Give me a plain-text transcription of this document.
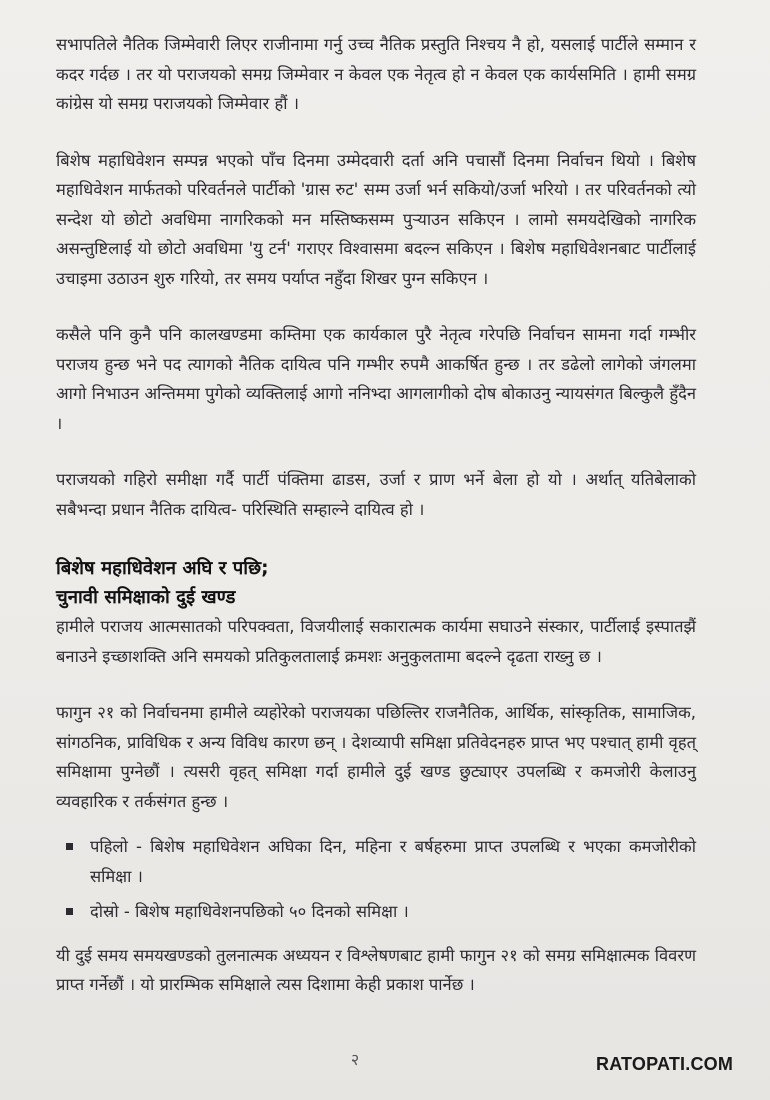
सभापतिले नैतिक जिम्मेवारी लिएर राजीनामा गर्नु उच्च नैतिक प्रस्तुति निश्चय नै हो, यसलाई पार्टीले सम्मान र कदर गर्दछ । तर यो पराजयको समग्र जिम्मेवार न केवल एक नेतृत्व हो न केवल एक कार्यसमिति । हामी समग्र कांग्रेस यो समग्र पराजयको जिम्मेवार हौं ।

बिशेष महाधिवेशन सम्पन्न भएको पाँच दिनमा उम्मेदवारी दर्ता अनि पचासौं दिनमा निर्वाचन थियो । बिशेष महाधिवेशन मार्फतको परिवर्तनले पार्टीको 'ग्रास रुट' सम्म उर्जा भर्न सकियो/उर्जा भरियो । तर परिवर्तनको त्यो सन्देश यो छोटो अवधिमा नागरिकको मन मस्तिष्कसम्म पुऱ्याउन सकिएन । लामो समयदेखिको नागरिक असन्तुष्टिलाई यो छोटो अवधिमा 'यु टर्न' गराएर विश्वासमा बदल्न सकिएन । बिशेष महाधिवेशनबाट पार्टीलाई उचाइमा उठाउन शुरु गरियो, तर समय पर्याप्त नहुँदा शिखर पुग्न सकिएन ।

कसैले पनि कुनै पनि कालखण्डमा कम्तिमा एक कार्यकाल पुरै नेतृत्व गरेपछि निर्वाचन सामना गर्दा गम्भीर पराजय हुन्छ भने पद त्यागको नैतिक दायित्व पनि गम्भीर रुपमै आकर्षित हुन्छ । तर डढेलो लागेको जंगलमा आगो निभाउन अन्तिममा पुगेको व्यक्तिलाई आगो ननिभ्दा आगलागीको दोष बोकाउनु न्यायसंगत बिल्कुलै हुँदैन ।

पराजयको गहिरो समीक्षा गर्दै पार्टी पंक्तिमा ढाडस, उर्जा र प्राण भर्ने बेला हो यो । अर्थात् यतिबेलाको सबैभन्दा प्रधान नैतिक दायित्व- परिस्थिति सम्हाल्ने दायित्व हो ।

बिशेष महाधिवेशन अघि र पछि;
चुनावी समिक्षाको दुई खण्ड

हामीले पराजय आत्मसातको परिपक्वता, विजयीलाई सकारात्मक कार्यमा सघाउने संस्कार, पार्टीलाई इस्पातझैं बनाउने इच्छाशक्ति अनि समयको प्रतिकुलतालाई क्रमशः अनुकुलतामा बदल्ने दृढता राख्नु छ ।

फागुन २१ को निर्वाचनमा हामीले व्यहोरेको पराजयका पछिल्तिर राजनैतिक, आर्थिक, सांस्कृतिक, सामाजिक, सांगठनिक, प्राविधिक र अन्य विविध कारण छन् । देशव्यापी समिक्षा प्रतिवेदनहरु प्राप्त भए पश्चात् हामी वृहत् समिक्षामा पुग्नेछौं । त्यसरी वृहत् समिक्षा गर्दा हामीले दुई खण्ड छुट्याएर उपलब्धि र कमजोरी केलाउनु व्यवहारिक र तर्कसंगत हुन्छ ।

पहिलो - बिशेष महाधिवेशन अघिका दिन, महिना र बर्षहरुमा प्राप्त उपलब्धि र भएका कमजोरीको समिक्षा ।
दोस्रो - बिशेष महाधिवेशनपछिको ५० दिनको समिक्षा ।

यी दुई समय समयखण्डको तुलनात्मक अध्ययन र विश्लेषणबाट हामी फागुन २१ को समग्र समिक्षात्मक विवरण प्राप्त गर्नेछौं । यो प्रारम्भिक समिक्षाले त्यस दिशामा केही प्रकाश पार्नेछ ।

२	RATOPATI.COM
